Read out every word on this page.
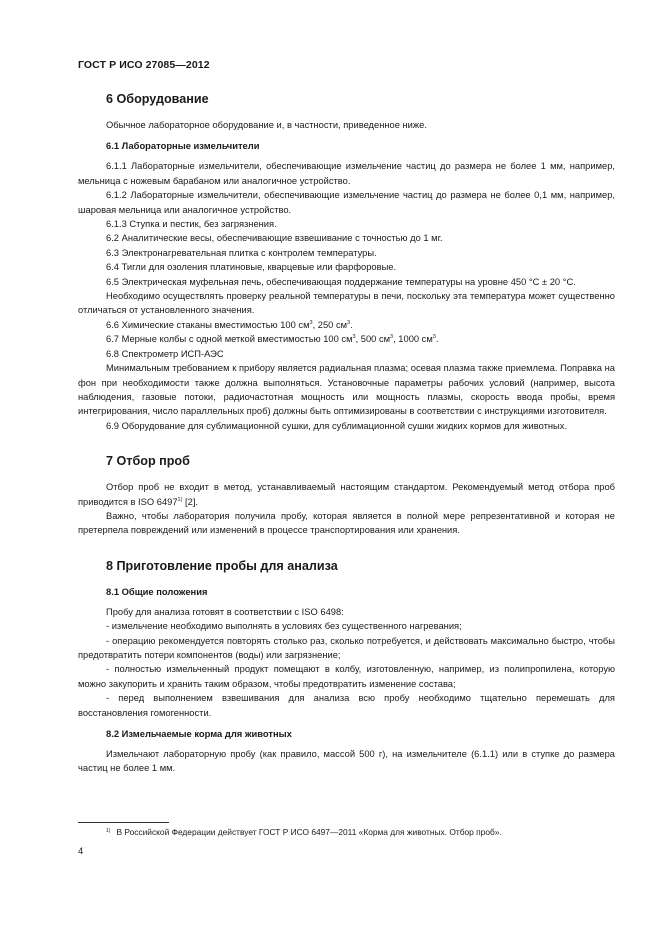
ГОСТ Р ИСО 27085—2012
6 Оборудование

Обычное лабораторное оборудование и, в частности, приведенное ниже.

6.1 Лабораторные измельчители

6.1.1 Лабораторные измельчители, обеспечивающие измельчение частиц до размера не более 1 мм, например, мельница с ножевым барабаном или аналогичное устройство.

6.1.2 Лабораторные измельчители, обеспечивающие измельчение частиц до размера не более 0,1 мм, например, шаровая мельница или аналогичное устройство.

6.1.3 Ступка и пестик, без загрязнения.

6.2 Аналитические весы, обеспечивающие взвешивание с точностью до 1 мг.

6.3 Электронагревательная плитка с контролем температуры.

6.4 Тигли для озоления платиновые, кварцевые или фарфоровые.

6.5 Электрическая муфельная печь, обеспечивающая поддержание температуры на уровне 450 °С ± 20 °С.

Необходимо осуществлять проверку реальной температуры в печи, поскольку эта температура может существенно отличаться от установленного значения.

6.6 Химические стаканы вместимостью 100 $см^3$, 250 $см^3$.

6.7 Мерные колбы с одной меткой вместимостью 100 $см^3$, 500 $см^3$, 1000 $см^3$.

6.8 Спектрометр ИСП-АЭС

Минимальным требованием к прибору является радиальная плазма; осевая плазма также приемлема. Поправка на фон при необходимости также должна выполняться. Установочные параметры рабочих условий (например, высота наблюдения, газовые потоки, радиочастотная мощность или мощность плазмы, скорость ввода пробы, время интегрирования, число параллельных проб) должны быть оптимизированы в соответствии с инструкциями изготовителя.

6.9 Оборудование для сублимационной сушки, для сублимационной сушки жидких кормов для животных.

7 Отбор проб

Отбор проб не входит в метод, устанавливаемый настоящим стандартом. Рекомендуемый метод отбора проб приводится в ISO 6497$^{1)}$ [2].

Важно, чтобы лаборатория получила пробу, которая является в полной мере репрезентативной и которая не претерпела повреждений или изменений в процессе транспортирования или хранения.

8 Приготовление пробы для анализа
8.1 Общие положения

Пробу для анализа готовят в соответствии с ISO 6498:

- измельчение необходимо выполнять в условиях без существенного нагревания;

- операцию рекомендуется повторять столько раз, сколько потребуется, и действовать максимально быстро, чтобы предотвратить потери компонентов (воды) или загрязнение;

- полностью измельченный продукт помещают в колбу, изготовленную, например, из полипропилена, которую можно закупорить и хранить таким образом, чтобы предотвратить изменение состава;

- перед выполнением взвешивания для анализа всю пробу необходимо тщательно перемешать для восстановления гомогенности.

8.2 Измельчаемые корма для животных

Измельчают лабораторную пробу (как правило, массой 500 г), на измельчителе (6.1.1) или в ступке до размера частиц не более 1 мм.

$^{1)}$ В Российской Федерации действует ГОСТ Р ИСО 6497—2011 «Корма для животных. Отбор проб».
4
